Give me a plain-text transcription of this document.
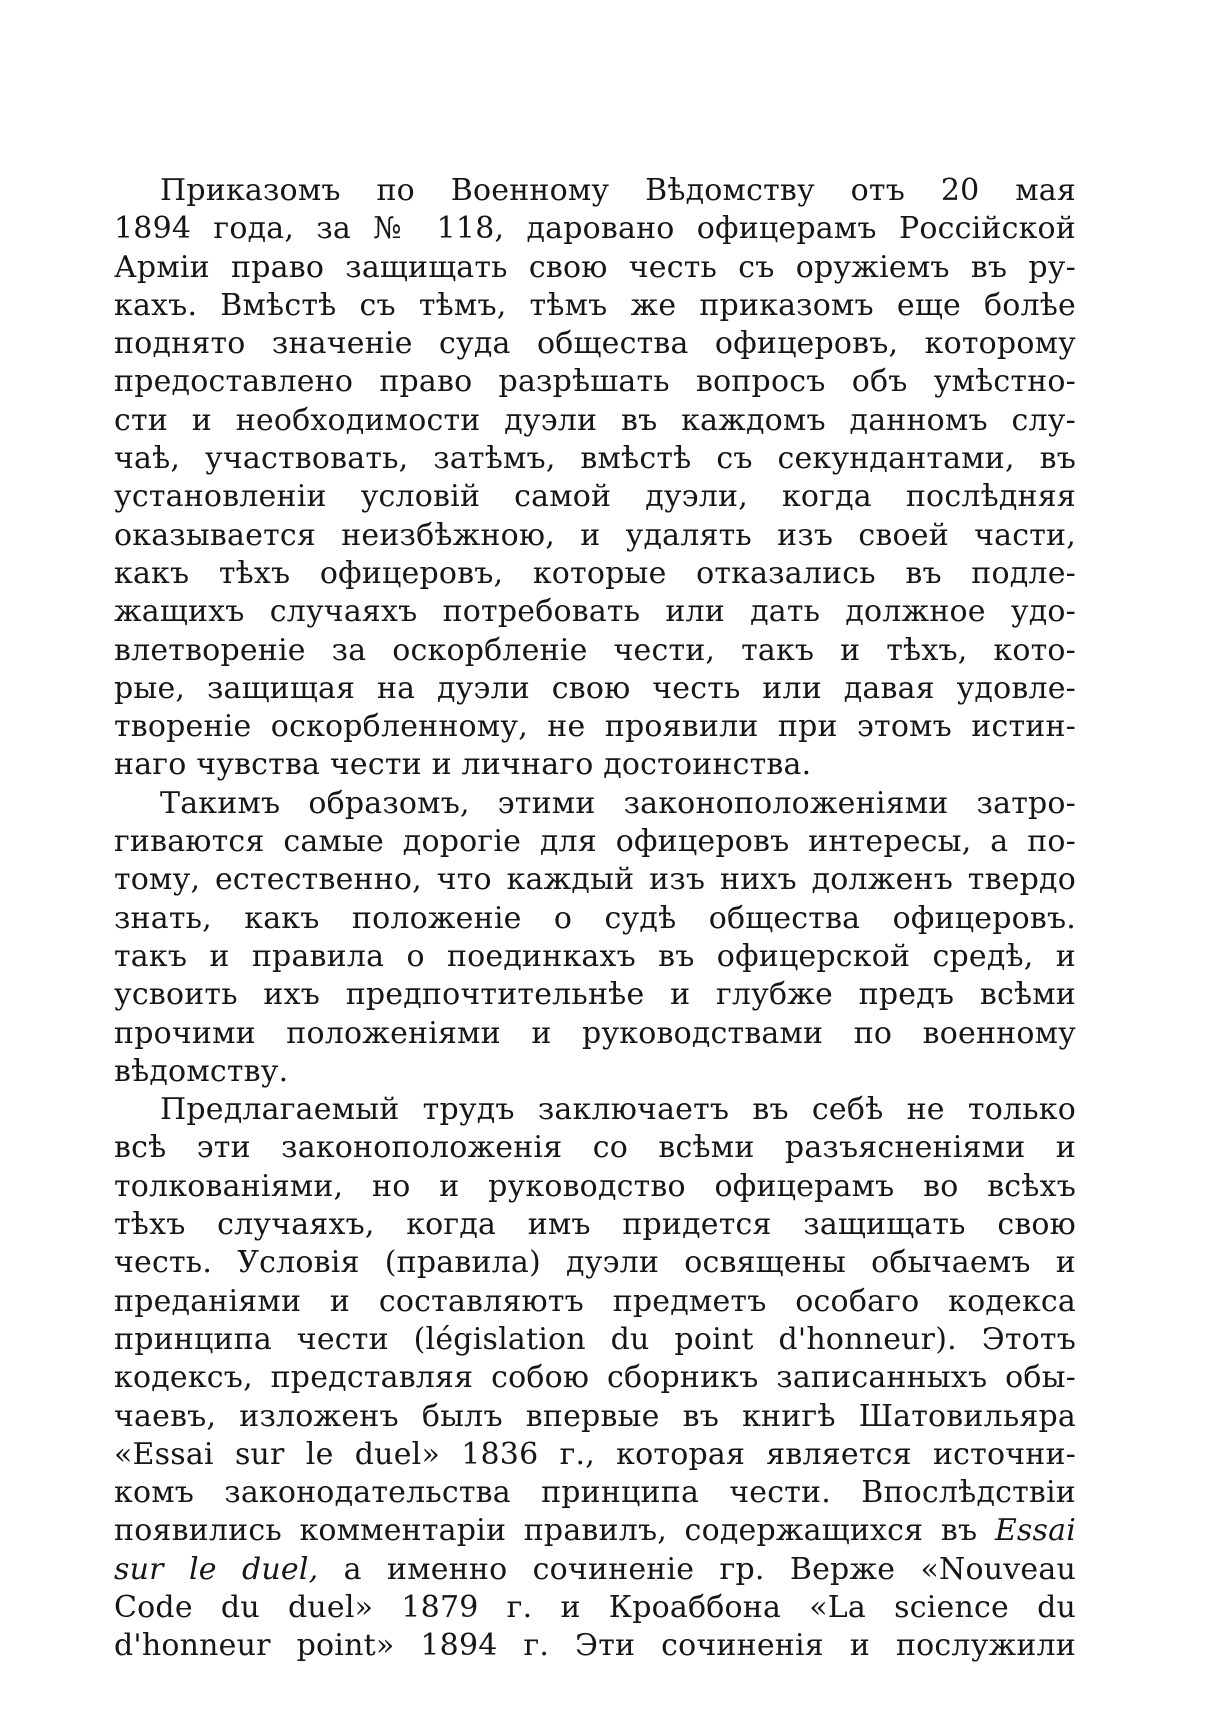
Приказомъ по Военному Вѣдомству отъ 20 мая
1894 года, за № 118, даровано офицерамъ Россійской
Арміи право защищать свою честь съ оружіемъ въ ру-
кахъ. Вмѣстѣ съ тѣмъ, тѣмъ же приказомъ еще болѣе
поднято значеніе суда общества офицеровъ, которому
предоставлено право разрѣшать вопросъ объ умѣстно-
сти и необходимости дуэли въ каждомъ данномъ слу-
чаѣ, участвовать, затѣмъ, вмѣстѣ съ секундантами, въ
установленіи условій самой дуэли, когда послѣдняя
оказывается неизбѣжною, и удалять изъ своей части,
какъ тѣхъ офицеровъ, которые отказались въ подле-
жащихъ случаяхъ потребовать или дать должное удо-
влетвореніе за оскорбленіе чести, такъ и тѣхъ, кото-
рые, защищая на дуэли свою честь или давая удовле-
твореніе оскорбленному, не проявили при этомъ истин-
наго чувства чести и личнаго достоинства.
Такимъ образомъ, этими законоположеніями затро-
гиваются самые дорогіе для офицеровъ интересы, а по-
тому, естественно, что каждый изъ нихъ долженъ твердо
знать, какъ положеніе о судѣ общества офицеровъ.
такъ и правила о поединкахъ въ офицерской средѣ, и
усвоить ихъ предпочтительнѣе и глубже предъ всѣми
прочими положеніями и руководствами по военному
вѣдомству.
Предлагаемый трудъ заключаетъ въ себѣ не только
всѣ эти законоположенія со всѣми разъясненіями и
толкованіями, но и руководство офицерамъ во всѣхъ
тѣхъ случаяхъ, когда имъ придется защищать свою
честь. Условія (правила) дуэли освящены обычаемъ и
преданіями и составляютъ предметъ особаго кодекса
принципа чести (législation du point d'honneur). Этотъ
кодексъ, представляя собою сборникъ записанныхъ обы-
чаевъ, изложенъ былъ впервые въ книгѣ Шатовильяра
«Essai sur le duel» 1836 г., которая является источни-
комъ законодательства принципа чести. Впослѣдствіи
появились комментаріи правилъ, содержащихся въ Essai
sur le duel, а именно сочиненіе гр. Верже «Nouveau
Code du duel» 1879 г. и Кроаббона «La science du
d'honneur point» 1894 г. Эти сочиненія и послужили
